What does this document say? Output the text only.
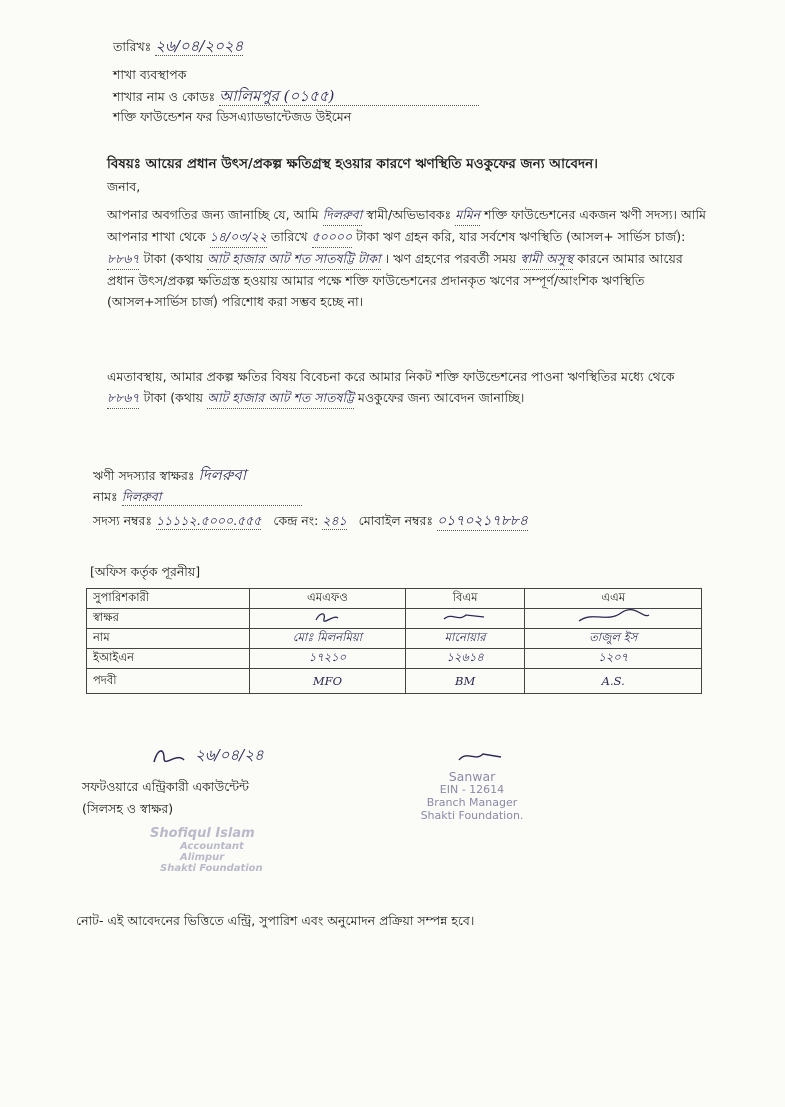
তারিখঃ ২৬/০৪/২০২৪
শাখা ব্যবস্থাপক
শাখার নাম ও কোডঃ আলিমপুর (০১৫৫)
শক্তি ফাউন্ডেশন ফর ডিসএ্যাডভান্টেজড উইমেন
বিষয়ঃ আয়ের প্রধান উৎস/প্রকল্প ক্ষতিগ্রস্থ হওয়ার কারণে ঋণস্থিতি মওকুফের জন্য আবেদন।
জনাব,
আপনার অবগতির জন্য জানাচ্ছি যে, আমি দিলরুবা স্বামী/অভিভাবকঃ মমিন শক্তি ফাউন্ডেশনের একজন ঋণী সদস্য। আমি আপনার শাখা থেকে ১৪/০৩/২২ তারিখে ৫০০০০ টাকা ঋণ গ্রহন করি, যার সর্বশেষ ঋণস্থিতি (আসল+ সার্ভিস চার্জ): ৮৮৬৭ টাকা (কথায় আট হাজার আট শত সাতষট্টি টাকা । ঋণ গ্রহণের পরবর্তী সময় স্বামী অসুস্থ কারনে আমার আয়ের প্রধান উৎস/প্রকল্প ক্ষতিগ্রস্ত হওয়ায় আমার পক্ষে শক্তি ফাউন্ডেশনের প্রদানকৃত ঋণের সম্পূর্ণ/আংশিক ঋণস্থিতি (আসল+সার্ভিস চার্জ) পরিশোধ করা সম্ভব হচ্ছে না।
এমতাবস্থায়, আমার প্রকল্প ক্ষতির বিষয় বিবেচনা করে আমার নিকট শক্তি ফাউন্ডেশনের পাওনা ঋণস্থিতির মধ্যে থেকে ৮৮৬৭ টাকা (কথায় আট হাজার আট শত সাতষট্টি মওকুফের জন্য আবেদন জানাচ্ছি।
ঋণী সদস্যার স্বাক্ষরঃ দিলরুবা
নামঃ দিলরুবা
সদস্য নম্বরঃ ১১১১২.৫০০০.৫৫৫ কেন্দ্র নং: ২৪১ মোবাইল নম্বরঃ ০১৭০২১৭৮৮৪
[অফিস কর্তৃক পূরনীয়]
সুপারিশকারী	এমএফও	বিএম	এএম
স্বাক্ষর			
নাম	মোঃ মিলনমিয়া	মানোয়ার	তাজুল ইস
ইআইএন	১৭২১০	১২৬১৪	১২০৭
পদবী	MFO	BM	A.S.
২৬/০৪/২৪
সফটওয়ারে এন্ট্রিকারী একাউন্টেন্ট
(সিলসহ ও স্বাক্ষর)
Shofiqul Islam
Accountant
Alimpur
Shakti Foundation
Sanwar
EIN - 12614
Branch Manager
Shakti Foundation.
নোট- এই আবেদনের ভিত্তিতে এন্ট্রি, সুপারিশ এবং অনুমোদন প্রক্রিয়া সম্পন্ন হবে।
